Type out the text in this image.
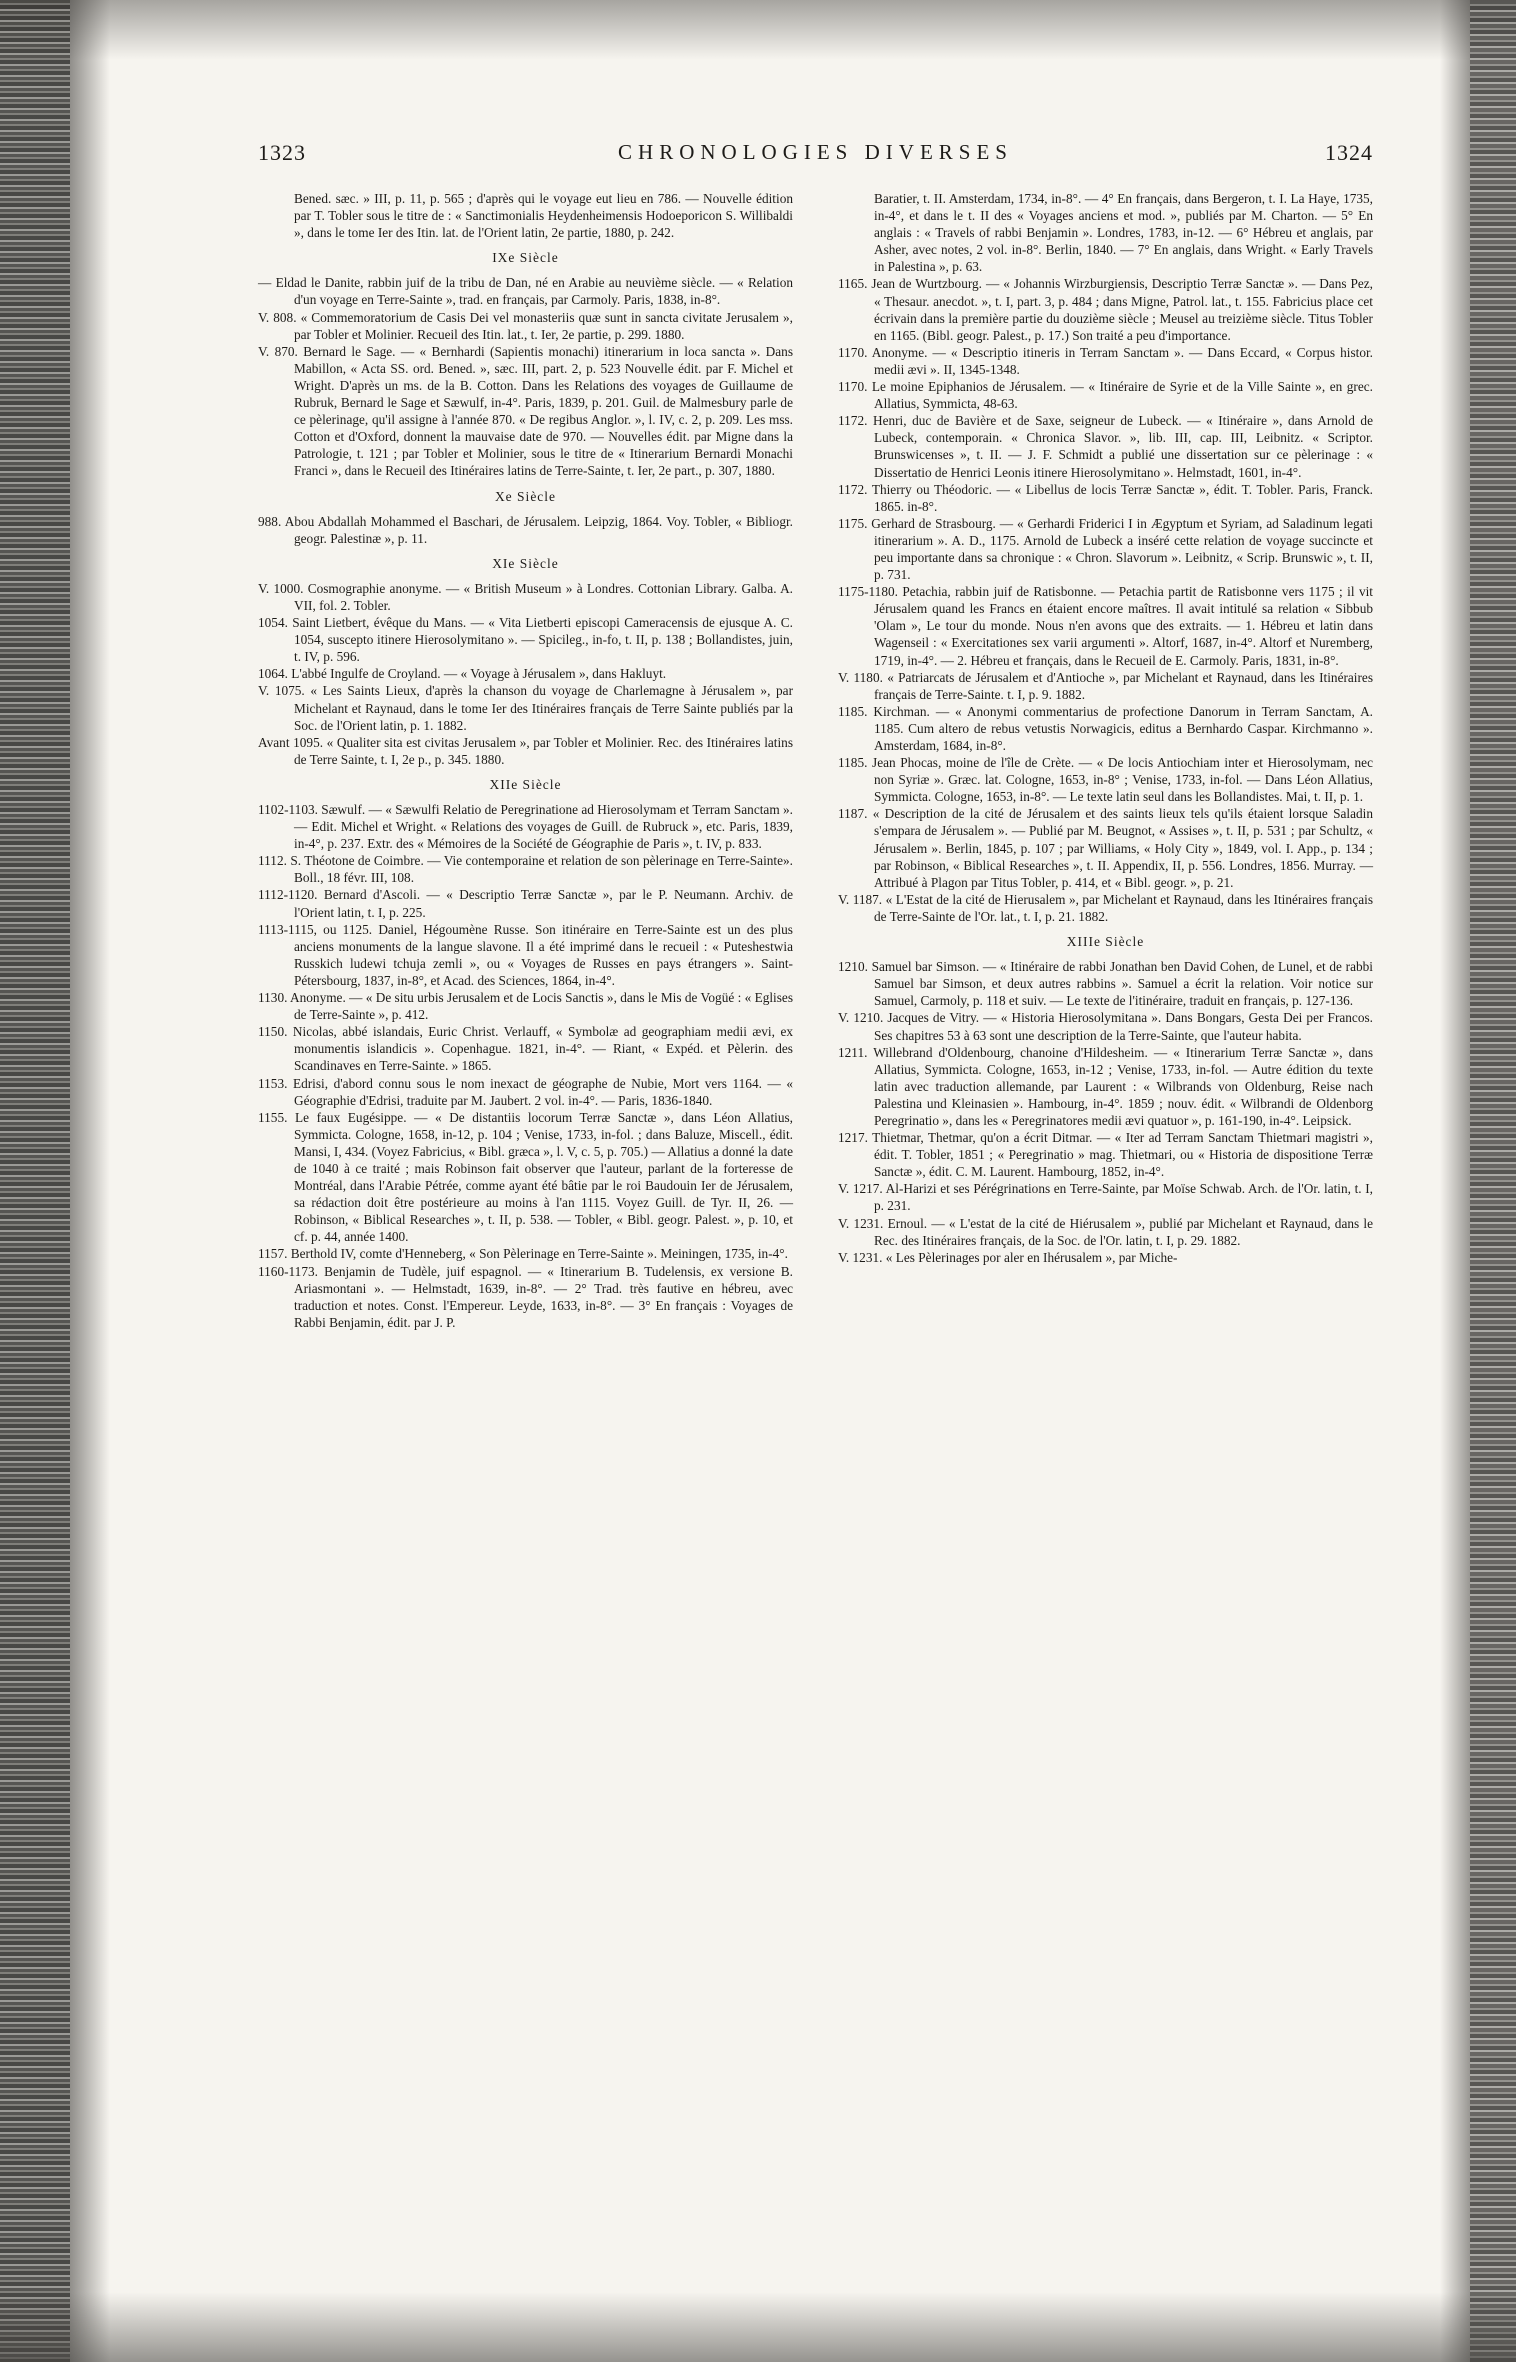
1323	CHRONOLOGIES DIVERSES	1324

Bened. sæc. » III, p. 11, p. 565 ; d'après qui le voyage eut lieu en 786. — Nouvelle édition par T. Tobler sous le titre de : « Sanctimonialis Heydenheimensis Hodoeporicon S. Willibaldi », dans le tome Ier des Itin. lat. de l'Orient latin, 2e partie, 1880, p. 242.

IXe Siècle

— Eldad le Danite, rabbin juif de la tribu de Dan, né en Arabie au neuvième siècle. — « Relation d'un voyage en Terre-Sainte », trad. en français, par Carmoly. Paris, 1838, in-8°.

V. 808. « Commemoratorium de Casis Dei vel monasteriis quæ sunt in sancta civitate Jerusalem », par Tobler et Molinier. Recueil des Itin. lat., t. Ier, 2e partie, p. 299. 1880.

V. 870. Bernard le Sage. — « Bernhardi (Sapientis monachi) itinerarium in loca sancta ». Dans Mabillon, « Acta SS. ord. Bened. », sæc. III, part. 2, p. 523 Nouvelle édit. par F. Michel et Wright. D'après un ms. de la B. Cotton. Dans les Relations des voyages de Guillaume de Rubruk, Bernard le Sage et Sæwulf, in-4°. Paris, 1839, p. 201. Guil. de Malmesbury parle de ce pèlerinage, qu'il assigne à l'année 870. « De regibus Anglor. », l. IV, c. 2, p. 209. Les mss. Cotton et d'Oxford, donnent la mauvaise date de 970. — Nouvelles édit. par Migne dans la Patrologie, t. 121 ; par Tobler et Molinier, sous le titre de « Itinerarium Bernardi Monachi Franci », dans le Recueil des Itinéraires latins de Terre-Sainte, t. Ier, 2e part., p. 307, 1880.

Xe Siècle

988. Abou Abdallah Mohammed el Baschari, de Jérusalem. Leipzig, 1864. Voy. Tobler, « Bibliogr. geogr. Palestinæ », p. 11.

XIe Siècle

V. 1000. Cosmographie anonyme. — « British Museum » à Londres. Cottonian Library. Galba. A. VII, fol. 2. Tobler.

1054. Saint Lietbert, évêque du Mans. — « Vita Lietberti episcopi Cameracensis de ejusque A. C. 1054, suscepto itinere Hierosolymitano ». — Spicileg., in-fo, t. II, p. 138 ; Bollandistes, juin, t. IV, p. 596.

1064. L'abbé Ingulfe de Croyland. — « Voyage à Jérusalem », dans Hakluyt.

V. 1075. « Les Saints Lieux, d'après la chanson du voyage de Charlemagne à Jérusalem », par Michelant et Raynaud, dans le tome Ier des Itinéraires français de Terre Sainte publiés par la Soc. de l'Orient latin, p. 1. 1882.

Avant 1095. « Qualiter sita est civitas Jerusalem », par Tobler et Molinier. Rec. des Itinéraires latins de Terre Sainte, t. I, 2e p., p. 345. 1880.

XIIe Siècle

1102-1103. Sæwulf. — « Sæwulfi Relatio de Peregrinatione ad Hierosolymam et Terram Sanctam ». — Edit. Michel et Wright. « Relations des voyages de Guill. de Rubruck », etc. Paris, 1839, in-4°, p. 237. Extr. des « Mémoires de la Société de Géographie de Paris », t. IV, p. 833.

1112. S. Théotone de Coimbre. — Vie contemporaine et relation de son pèlerinage en Terre-Sainte». Boll., 18 févr. III, 108.

1112-1120. Bernard d'Ascoli. — « Descriptio Terræ Sanctæ », par le P. Neumann. Archiv. de l'Orient latin, t. I, p. 225.

1113-1115, ou 1125. Daniel, Hégoumène Russe. Son itinéraire en Terre-Sainte est un des plus anciens monuments de la langue slavone. Il a été imprimé dans le recueil : « Puteshestwia Russkich ludewi tchuja zemli », ou « Voyages de Russes en pays étrangers ». Saint-Pétersbourg, 1837, in-8°, et Acad. des Sciences, 1864, in-4°.

1130. Anonyme. — « De situ urbis Jerusalem et de Locis Sanctis », dans le Mis de Vogüé : « Eglises de Terre-Sainte », p. 412.

1150. Nicolas, abbé islandais, Euric Christ. Verlauff, « Symbolæ ad geographiam medii ævi, ex monumentis islandicis ». Copenhague. 1821, in-4°. — Riant, « Expéd. et Pèlerin. des Scandinaves en Terre-Sainte. » 1865.

1153. Edrisi, d'abord connu sous le nom inexact de géographe de Nubie, Mort vers 1164. — « Géographie d'Edrisi, traduite par M. Jaubert. 2 vol. in-4°. — Paris, 1836-1840.

1155. Le faux Eugésippe. — « De distantiis locorum Terræ Sanctæ », dans Léon Allatius, Symmicta. Cologne, 1658, in-12, p. 104 ; Venise, 1733, in-fol. ; dans Baluze, Miscell., édit. Mansi, I, 434. (Voyez Fabricius, « Bibl. græca », l. V, c. 5, p. 705.) — Allatius a donné la date de 1040 à ce traité ; mais Robinson fait observer que l'auteur, parlant de la forteresse de Montréal, dans l'Arabie Pétrée, comme ayant été bâtie par le roi Baudouin Ier de Jérusalem, sa rédaction doit être postérieure au moins à l'an 1115. Voyez Guill. de Tyr. II, 26. — Robinson, « Biblical Researches », t. II, p. 538. — Tobler, « Bibl. geogr. Palest. », p. 10, et cf. p. 44, année 1400.

1157. Berthold IV, comte d'Henneberg, « Son Pèlerinage en Terre-Sainte ». Meiningen, 1735, in-4°.

1160-1173. Benjamin de Tudèle, juif espagnol. — « Itinerarium B. Tudelensis, ex versione B. Ariasmontani ». — Helmstadt, 1639, in-8°. — 2° Trad. très fautive en hébreu, avec traduction et notes. Const. l'Empereur. Leyde, 1633, in-8°. — 3° En français : Voyages de Rabbi Benjamin, édit. par J. P.

Baratier, t. II. Amsterdam, 1734, in-8°. — 4° En français, dans Bergeron, t. I. La Haye, 1735, in-4°, et dans le t. II des « Voyages anciens et mod. », publiés par M. Charton. — 5° En anglais : « Travels of rabbi Benjamin ». Londres, 1783, in-12. — 6° Hébreu et anglais, par Asher, avec notes, 2 vol. in-8°. Berlin, 1840. — 7° En anglais, dans Wright. « Early Travels in Palestina », p. 63.

1165. Jean de Wurtzbourg. — « Johannis Wirzburgiensis, Descriptio Terræ Sanctæ ». — Dans Pez, « Thesaur. anecdot. », t. I, part. 3, p. 484 ; dans Migne, Patrol. lat., t. 155. Fabricius place cet écrivain dans la première partie du douzième siècle ; Meusel au treizième siècle. Titus Tobler en 1165. (Bibl. geogr. Palest., p. 17.) Son traité a peu d'importance.

1170. Anonyme. — « Descriptio itineris in Terram Sanctam ». — Dans Eccard, « Corpus histor. medii ævi ». II, 1345-1348.

1170. Le moine Epiphanios de Jérusalem. — « Itinéraire de Syrie et de la Ville Sainte », en grec. Allatius, Symmicta, 48-63.

1172. Henri, duc de Bavière et de Saxe, seigneur de Lubeck. — « Itinéraire », dans Arnold de Lubeck, contemporain. « Chronica Slavor. », lib. III, cap. III, Leibnitz. « Scriptor. Brunswicenses », t. II. — J. F. Schmidt a publié une dissertation sur ce pèlerinage : « Dissertatio de Henrici Leonis itinere Hierosolymitano ». Helmstadt, 1601, in-4°.

1172. Thierry ou Théodoric. — « Libellus de locis Terræ Sanctæ », édit. T. Tobler. Paris, Franck. 1865. in-8°.

1175. Gerhard de Strasbourg. — « Gerhardi Friderici I in Ægyptum et Syriam, ad Saladinum legati itinerarium ». A. D., 1175. Arnold de Lubeck a inséré cette relation de voyage succincte et peu importante dans sa chronique : « Chron. Slavorum ». Leibnitz, « Scrip. Brunswic », t. II, p. 731.

1175-1180. Petachia, rabbin juif de Ratisbonne. — Petachia partit de Ratisbonne vers 1175 ; il vit Jérusalem quand les Francs en étaient encore maîtres. Il avait intitulé sa relation « Sibbub 'Olam », Le tour du monde. Nous n'en avons que des extraits. — 1. Hébreu et latin dans Wagenseil : « Exercitationes sex varii argumenti ». Altorf, 1687, in-4°. Altorf et Nuremberg, 1719, in-4°. — 2. Hébreu et français, dans le Recueil de E. Carmoly. Paris, 1831, in-8°.

V. 1180. « Patriarcats de Jérusalem et d'Antioche », par Michelant et Raynaud, dans les Itinéraires français de Terre-Sainte. t. I, p. 9. 1882.

1185. Kirchman. — « Anonymi commentarius de profectione Danorum in Terram Sanctam, A. 1185. Cum altero de rebus vetustis Norwagicis, editus a Bernhardo Caspar. Kirchmanno ». Amsterdam, 1684, in-8°.

1185. Jean Phocas, moine de l'île de Crète. — « De locis Antiochiam inter et Hierosolymam, nec non Syriæ ». Græc. lat. Cologne, 1653, in-8° ; Venise, 1733, in-fol. — Dans Léon Allatius, Symmicta. Cologne, 1653, in-8°. — Le texte latin seul dans les Bollandistes. Mai, t. II, p. 1.

1187. « Description de la cité de Jérusalem et des saints lieux tels qu'ils étaient lorsque Saladin s'empara de Jérusalem ». — Publié par M. Beugnot, « Assises », t. II, p. 531 ; par Schultz, « Jérusalem ». Berlin, 1845, p. 107 ; par Williams, « Holy City », 1849, vol. I. App., p. 134 ; par Robinson, « Biblical Researches », t. II. Appendix, II, p. 556. Londres, 1856. Murray. — Attribué à Plagon par Titus Tobler, p. 414, et « Bibl. geogr. », p. 21.

V. 1187. « L'Estat de la cité de Hierusalem », par Michelant et Raynaud, dans les Itinéraires français de Terre-Sainte de l'Or. lat., t. I, p. 21. 1882.

XIIIe Siècle

1210. Samuel bar Simson. — « Itinéraire de rabbi Jonathan ben David Cohen, de Lunel, et de rabbi Samuel bar Simson, et deux autres rabbins ». Samuel a écrit la relation. Voir notice sur Samuel, Carmoly, p. 118 et suiv. — Le texte de l'itinéraire, traduit en français, p. 127-136.

V. 1210. Jacques de Vitry. — « Historia Hierosolymitana ». Dans Bongars, Gesta Dei per Francos. Ses chapitres 53 à 63 sont une description de la Terre-Sainte, que l'auteur habita.

1211. Willebrand d'Oldenbourg, chanoine d'Hildesheim. — « Itinerarium Terræ Sanctæ », dans Allatius, Symmicta. Cologne, 1653, in-12 ; Venise, 1733, in-fol. — Autre édition du texte latin avec traduction allemande, par Laurent : « Wilbrands von Oldenburg, Reise nach Palestina und Kleinasien ». Hambourg, in-4°. 1859 ; nouv. édit. « Wilbrandi de Oldenborg Peregrinatio », dans les « Peregrinatores medii ævi quatuor », p. 161-190, in-4°. Leipsick.

1217. Thietmar, Thetmar, qu'on a écrit Ditmar. — « Iter ad Terram Sanctam Thietmari magistri », édit. T. Tobler, 1851 ; « Peregrinatio » mag. Thietmari, ou « Historia de dispositione Terræ Sanctæ », édit. C. M. Laurent. Hambourg, 1852, in-4°.

V. 1217. Al-Harizi et ses Pérégrinations en Terre-Sainte, par Moïse Schwab. Arch. de l'Or. latin, t. I, p. 231.

V. 1231. Ernoul. — « L'estat de la cité de Hiérusalem », publié par Michelant et Raynaud, dans le Rec. des Itinéraires français, de la Soc. de l'Or. latin, t. I, p. 29. 1882.

V. 1231. « Les Pèlerinages por aler en Ihérusalem », par Miche-
